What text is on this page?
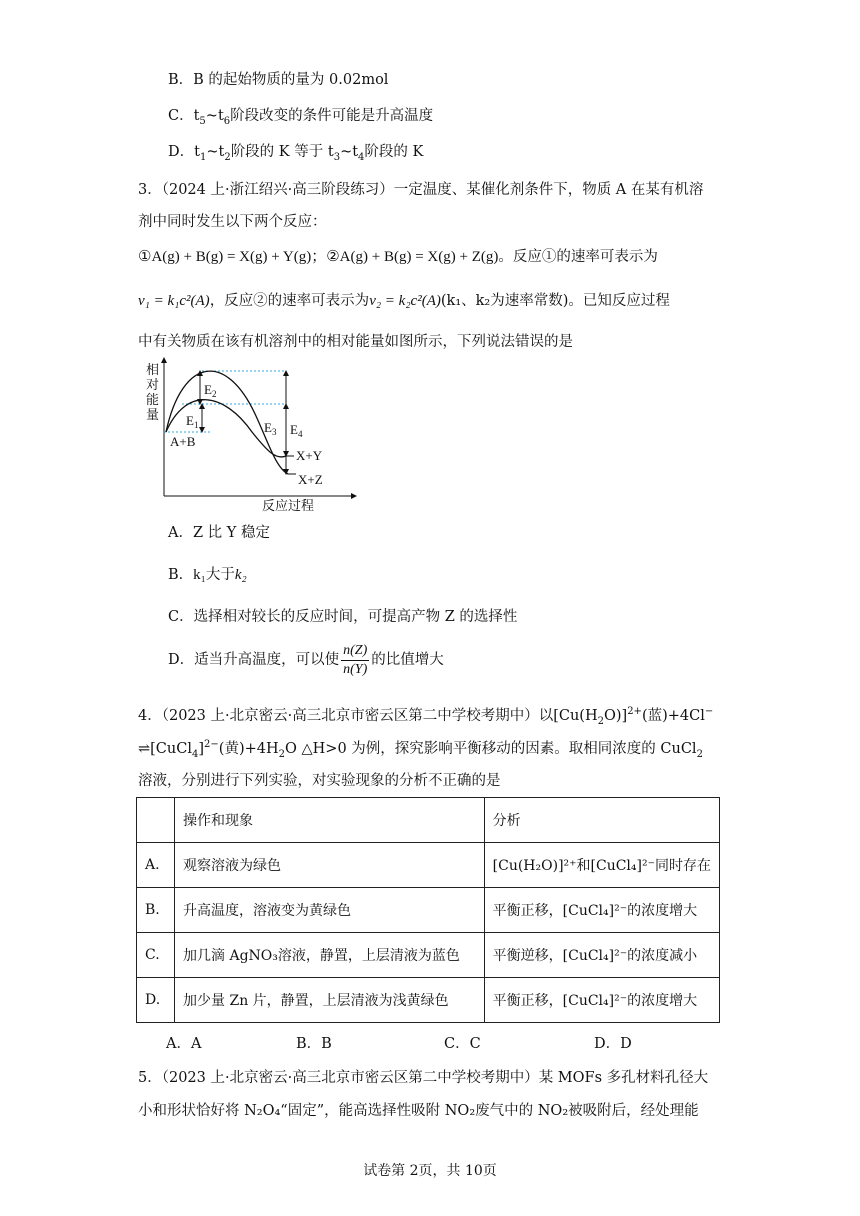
B．B 的起始物质的量为 0.02mol
C．$t_5\sim t_6$阶段改变的条件可能是升高温度
D．$t_1\sim t_2$阶段的 K 等于 $t_3\sim t_4$阶段的 K
3．（2024 上·浙江绍兴·高三阶段练习）一定温度、某催化剂条件下，物质 A 在某有机溶
剂中同时发生以下两个反应：
①A(g) + B(g) = X(g) + Y(g)；②A(g) + B(g) = X(g) + Z(g)。反应①的速率可表示为
v₁ = k₁c²(A)，反应②的速率可表示为v₂ = k₂c²(A)(k₁、k₂为速率常数)。已知反应过程
中有关物质在该有机溶剂中的相对能量如图所示，下列说法错误的是
相
对
能
量
反应过程
$E_2$
$E_1$	$E_3$ $E_4$
A+B
X+Y
X+Z
A．Z 比 Y 稳定
B．k₁大于k₂
C．选择相对较长的反应时间，可提高产物 Z 的选择性
D．适当升高温度，可以使 $\frac{n(Z)}{n(Y)}$ 的比值增大
4．（2023 上·北京密云·高三北京市密云区第二中学校考期中）以$[Cu(H_2O)]^{2+}$(蓝)+4Cl−
⇌[CuCl$_4$]$^{2-}$(黄)$+4H_2O$ △H>0 为例，探究影响平衡移动的因素。取相同浓度的 CuCl$_2$
溶液，分别进行下列实验，对实验现象的分析不正确的是
	操作和现象	分析
A.	观察溶液为绿色	[Cu(H₂O)]²⁺和[CuCl₄]²⁻同时存在
B.	升高温度，溶液变为黄绿色	平衡正移，[CuCl₄]²⁻的浓度增大
C.	加几滴 AgNO₃溶液，静置，上层清液为蓝色	平衡逆移，[CuCl₄]²⁻的浓度减小
D.	加少量 Zn 片，静置，上层清液为浅黄绿色	平衡正移，[CuCl₄]²⁻的浓度增大
A．A	B．B	C．C	D．D
5．（2023 上·北京密云·高三北京市密云区第二中学校考期中）某 MOFs 多孔材料孔径大
小和形状恰好将 N₂O₄“固定”，能高选择性吸附 NO₂废气中的 NO₂被吸附后，经处理能
试卷第 2页，共 10页
